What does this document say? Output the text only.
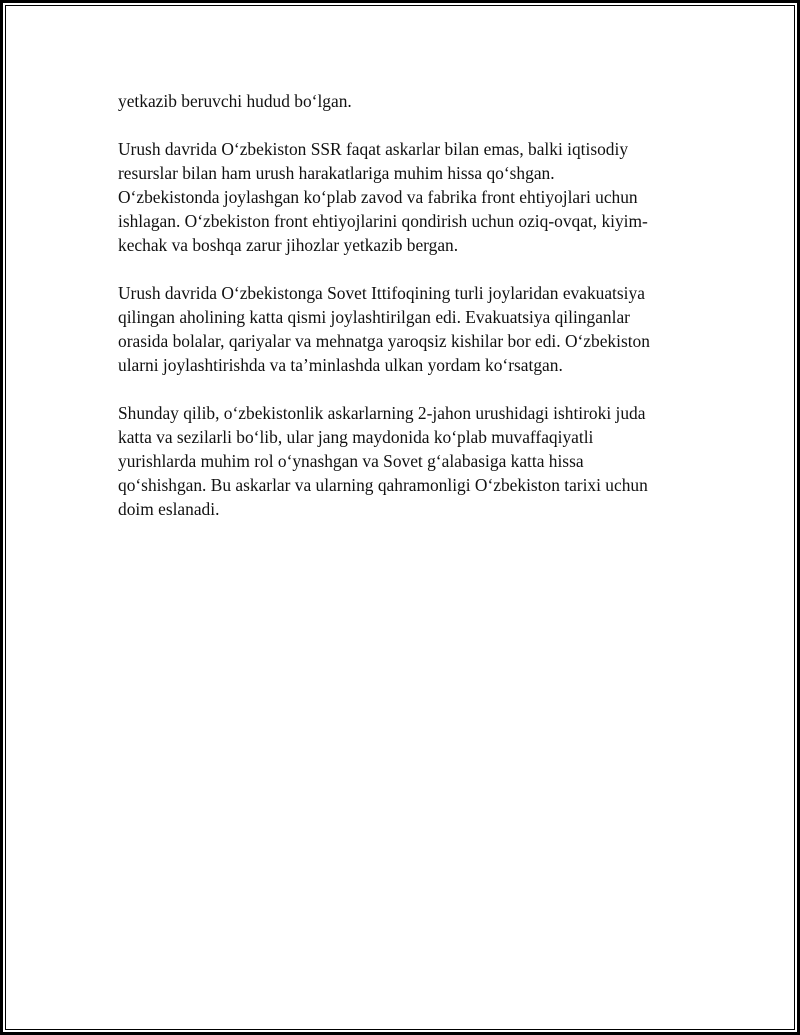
yetkazib beruvchi hudud bo‘lgan.
Urush davrida O‘zbekiston SSR faqat askarlar bilan emas, balki iqtisodiy
resurslar bilan ham urush harakatlariga muhim hissa qo‘shgan.
O‘zbekistonda joylashgan ko‘plab zavod va fabrika front ehtiyojlari uchun
ishlagan. O‘zbekiston front ehtiyojlarini qondirish uchun oziq-ovqat, kiyim-
kechak va boshqa zarur jihozlar yetkazib bergan.
Urush davrida O‘zbekistonga Sovet Ittifoqining turli joylaridan evakuatsiya
qilingan aholining katta qismi joylashtirilgan edi. Evakuatsiya qilinganlar
orasida bolalar, qariyalar va mehnatga yaroqsiz kishilar bor edi. O‘zbekiston
ularni joylashtirishda va ta’minlashda ulkan yordam ko‘rsatgan.
Shunday qilib, o‘zbekistonlik askarlarning 2-jahon urushidagi ishtiroki juda
katta va sezilarli bo‘lib, ular jang maydonida ko‘plab muvaffaqiyatli
yurishlarda muhim rol o‘ynashgan va Sovet g‘alabasiga katta hissa
qo‘shishgan. Bu askarlar va ularning qahramonligi O‘zbekiston tarixi uchun
doim eslanadi.
